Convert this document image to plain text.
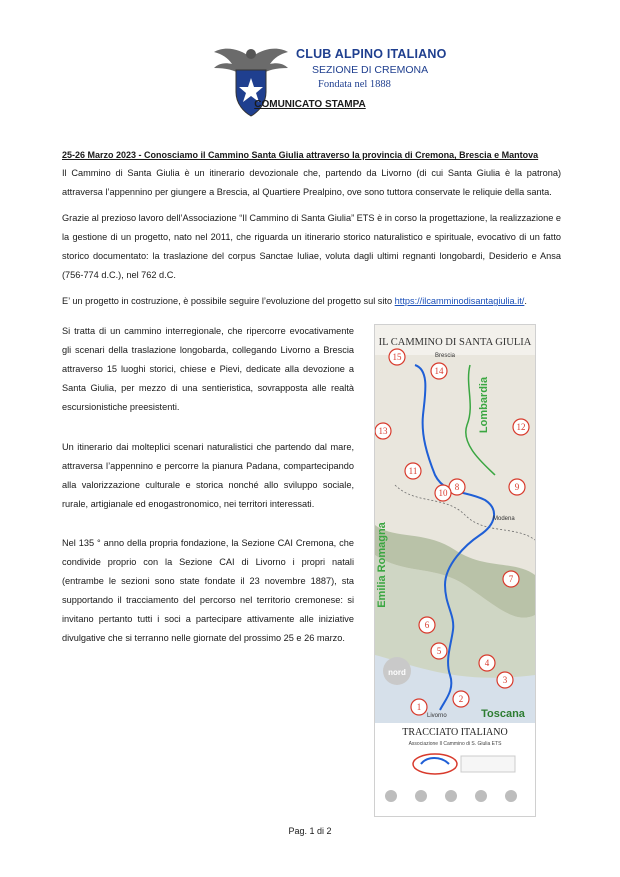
CLUB ALPINO ITALIANO
SEZIONE DI CREMONA
Fondata nel 1888
COMUNICATO STAMPA
25-26 Marzo 2023 - Conosciamo il Cammino Santa Giulia attraverso la provincia di Cremona, Brescia e Mantova
Il Cammino di Santa Giulia è un itinerario devozionale che, partendo da Livorno (di cui Santa Giulia è la patrona) attraversa l’appennino per giungere a Brescia, al Quartiere Prealpino, ove sono tuttora conservate le reliquie della santa.
Grazie al prezioso lavoro dell’Associazione “Il Cammino di Santa Giulia” ETS è in corso la progettazione, la realizzazione e la gestione di un progetto, nato nel 2011, che riguarda un itinerario storico naturalistico e spirituale, evocativo di un fatto storico documentato: la traslazione del corpus Sanctae Iuliae, voluta dagli ultimi regnanti longobardi, Desiderio e Ansa (756-774 d.C.), nel 762 d.C.
E’ un progetto in costruzione, è possibile seguire l’evoluzione del progetto sul sito https://ilcamminodisantagiulia.it/.
Si tratta di un cammino interregionale, che ripercorre evocativamente gli scenari della traslazione longobarda, collegando Livorno a Brescia attraverso 15 luoghi storici, chiese e Pievi, dedicate alla devozione a Santa Giulia, per mezzo di una sentieristica, sovrapposta alle realtà escursionistiche preesistenti.
Un itinerario dai molteplici scenari naturalistici che partendo dal mare, attraversa l’appennino e percorre la pianura Padana, compartecipando alla valorizzazione culturale e storica nonché allo sviluppo sociale, rurale, artigianale ed enogastronomico, nei territori interessati.
Nel 135 ° anno della propria fondazione, la Sezione CAI Cremona, che condivide proprio con la Sezione CAI di Livorno i propri natali (entrambe le sezioni sono state fondate il 23 novembre 1887), sta supportando il tracciamento del percorso nel territorio cremonese: si invitano pertanto tutti i soci a partecipare attivamente alle iniziative divulgative che si terranno nelle giornate del prossimo 25 e 26 marzo.
nord
IL CAMMINO DI SANTA GIULIA
Lombardia
Emilia Romagna
Toscana
Brescia
Modena
Livorno
TRACCIATO ITALIANO
Associazione Il Cammino di S. Giulia ETS
1
2
3
4
5
6
7
8	9
10
11
12
13
14
15
Pag. 1 di 2
